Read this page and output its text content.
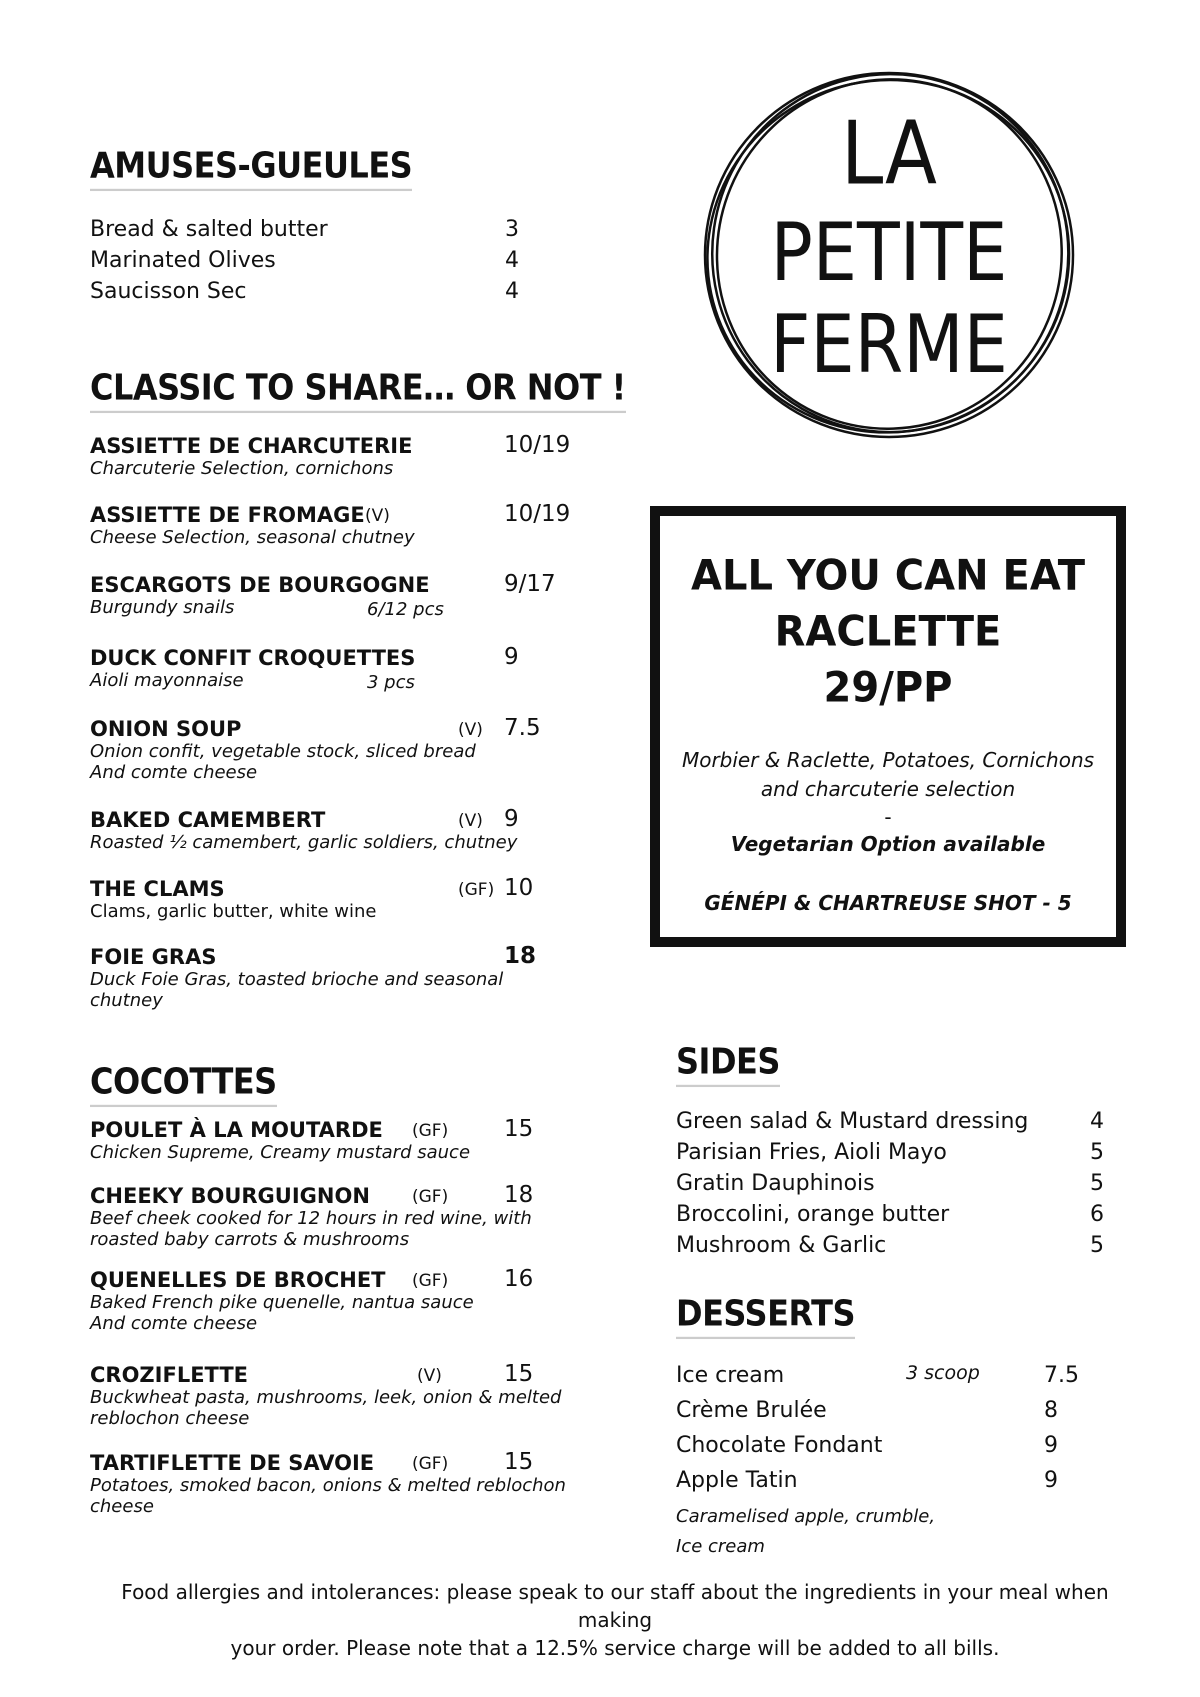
LA
PETITE
FERME
AMUSES-GUEULES
Bread & salted butter	3
Marinated Olives	4
Saucisson Sec	4
CLASSIC TO SHARE… OR NOT !
ASSIETTE DE CHARCUTERIE	10/19
Charcuterie Selection, cornichons
ASSIETTE DE FROMAGE (V)	10/19
Cheese Selection, seasonal chutney
ESCARGOTS DE BOURGOGNE	9/17
Burgundy snails	6/12 pcs
DUCK CONFIT CROQUETTES	9
Aioli mayonnaise	3 pcs
ONION SOUP	(V) 7.5
Onion confit, vegetable stock, sliced bread
And comte cheese
BAKED CAMEMBERT	(V) 9
Roasted ½ camembert, garlic soldiers, chutney
THE CLAMS	(GF) 10
Clams, garlic butter, white wine
FOIE GRAS	18
Duck Foie Gras, toasted brioche and seasonal
chutney
COCOTTES
POULET À LA MOUTARDE (GF) 15
Chicken Supreme, Creamy mustard sauce
CHEEKY BOURGUIGNON (GF) 18
Beef cheek cooked for 12 hours in red wine, with
roasted baby carrots & mushrooms
QUENELLES DE BROCHET (GF) 16
Baked French pike quenelle, nantua sauce
And comte cheese
CROZIFLETTE	(V)	15
Buckwheat pasta, mushrooms, leek, onion & melted
reblochon cheese
TARTIFLETTE DE SAVOIE (GF) 15
Potatoes, smoked bacon, onions & melted reblochon
cheese
ALL YOU CAN EAT
RACLETTE
29/PP
Morbier & Raclette, Potatoes, Cornichons
and charcuterie selection
-
Vegetarian Option available
GÉNÉPI & CHARTREUSE SHOT - 5
SIDES
Green salad & Mustard dressing	4
Parisian Fries, Aioli Mayo	5
Gratin Dauphinois	5
Broccolini, orange butter	6
Mushroom & Garlic	5
DESSERTS
Ice cream	3 scoop	7.5
Crème Brulée	8
Chocolate Fondant	9
Apple Tatin	9
Caramelised apple, crumble,
Ice cream
Food allergies and intolerances: please speak to our staff about the ingredients in your meal when making
your order. Please note that a 12.5% service charge will be added to all bills.
